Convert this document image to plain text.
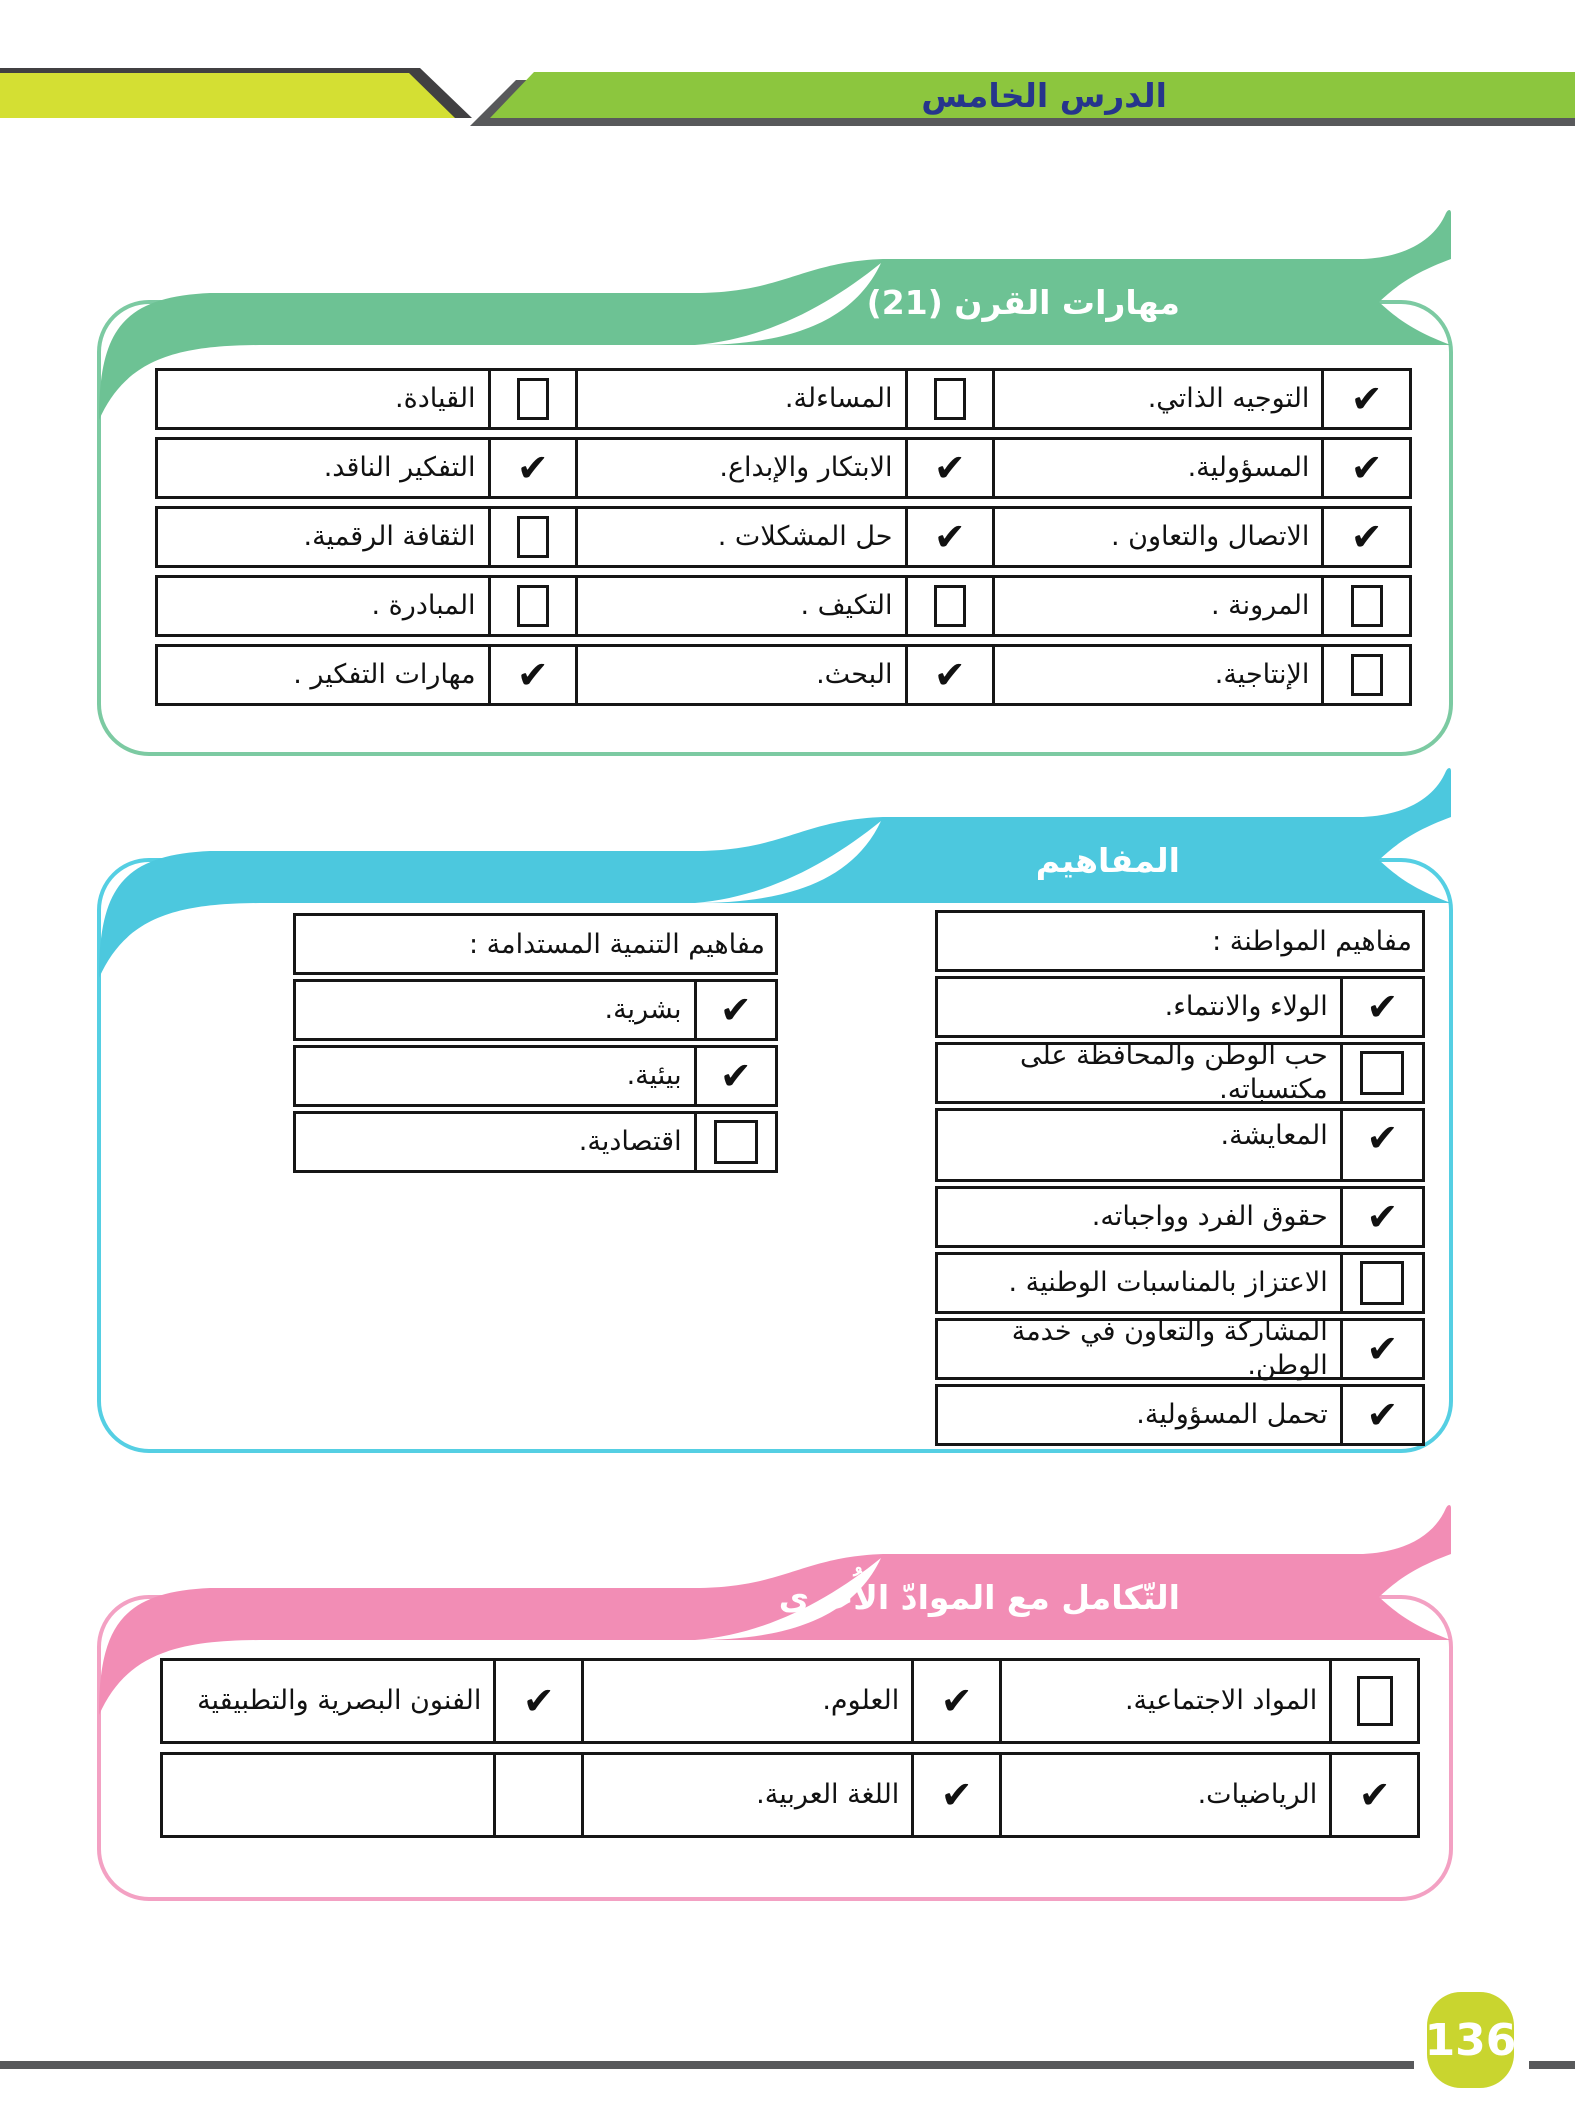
الدرس الخامس
مهارات القرن (21)
✔
التوجيه الذاتي.
المساءلة.
القيادة.
✔
المسؤولية.
✔
الابتكار والإبداع.
✔
التفكير الناقد.
✔
الاتصال والتعاون .
✔
حل المشكلات .
الثقافة الرقمية.
المرونة .
التكيف .
المبادرة .
الإنتاجية.
✔
البحث.
✔
مهارات التفكير .
المفاهيم
مفاهيم المواطنة :
✔
الولاء والانتماء.
حب الوطن والمحافظة على مكتسباته.
✔
المعايشة.
✔
حقوق الفرد وواجباته.
الاعتزاز بالمناسبات الوطنية .
✔
المشاركة والتعاون في خدمة الوطن.
✔
تحمل المسؤولية.
مفاهيم التنمية المستدامة :
✔
بشرية.
✔
بيئية.
اقتصادية.
التّكامل مع الموادّ الأُخرى
المواد الاجتماعية.
✔
العلوم.
✔
الفنون البصرية والتطبيقية
✔
الرياضيات.
✔
اللغة العربية.
136
